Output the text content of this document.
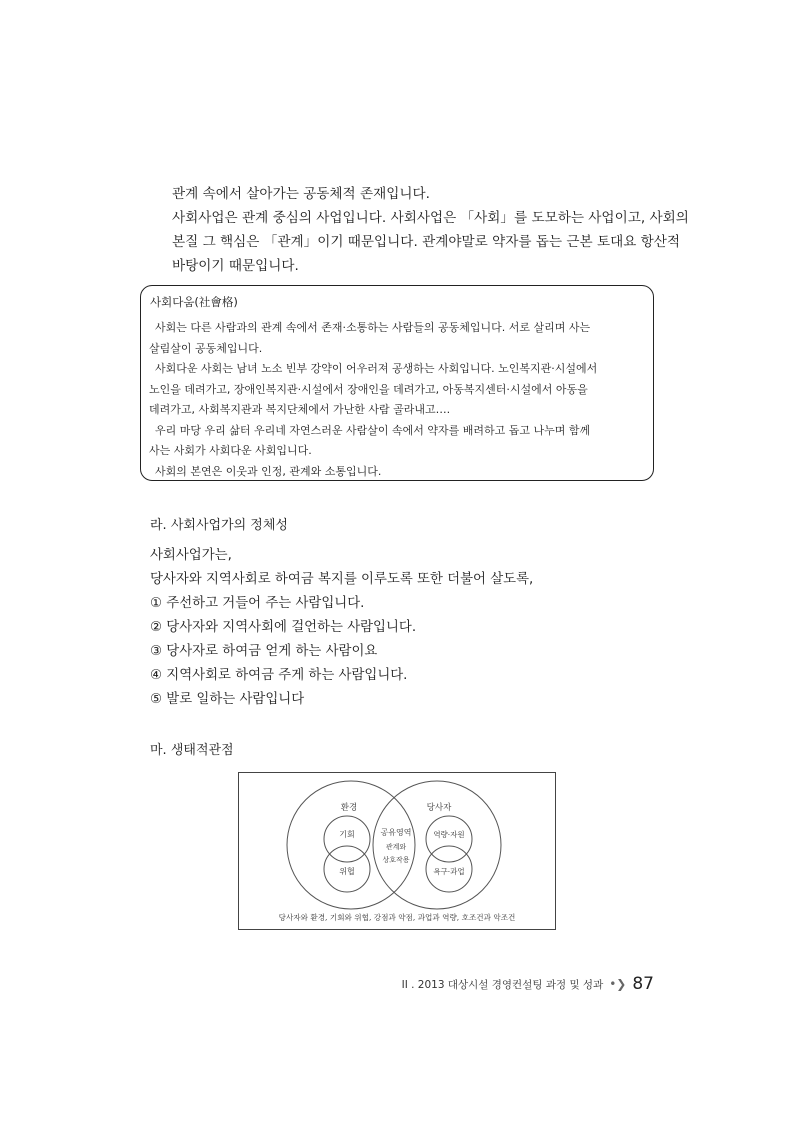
관계 속에서 살아가는 공동체적 존재입니다.

사회사업은 관계 중심의 사업입니다. 사회사업은 「사회」를 도모하는 사업이고, 사회의

본질 그 핵심은 「관계」이기 때문입니다. 관계야말로 약자를 돕는 근본 토대요 항산적

바탕이기 때문입니다.

사회다움(社會格)

사회는 다른 사람과의 관계 속에서 존재·소통하는 사람들의 공동체입니다. 서로 살리며 사는

살림살이 공동체입니다.

사회다운 사회는 남녀 노소 빈부 강약이 어우러져 공생하는 사회입니다. 노인복지관·시설에서

노인을 데려가고, 장애인복지관·시설에서 장애인을 데려가고, 아동복지센터·시설에서 아동을

데려가고, 사회복지관과 복지단체에서 가난한 사람 골라내고….

우리 마당 우리 삶터 우리네 자연스러운 사람살이 속에서 약자를 배려하고 돕고 나누며 함께

사는 사회가 사회다운 사회입니다.

사회의 본연은 이웃과 인정, 관계와 소통입니다.

라. 사회사업가의 정체성

사회사업가는,

당사자와 지역사회로 하여금 복지를 이루도록 또한 더불어 살도록,

① 주선하고 거들어 주는 사람입니다.

② 당사자와 지역사회에 걸언하는 사람입니다.

③ 당사자로 하여금 얻게 하는 사람이요

④ 지역사회로 하여금 주게 하는 사람입니다.

⑤ 발로 일하는 사람입니다

마. 생태적관점
환경	당사자
기회
위협
역량·자원
욕구·과업
공유영역
관계와
상호작용
당사자와 환경, 기회와 위협, 강점과 약점, 과업과 역량, 호조건과 악조건
II . 2013 대상시설 경영컨설팅 과정 및 성과 •❯ 87
